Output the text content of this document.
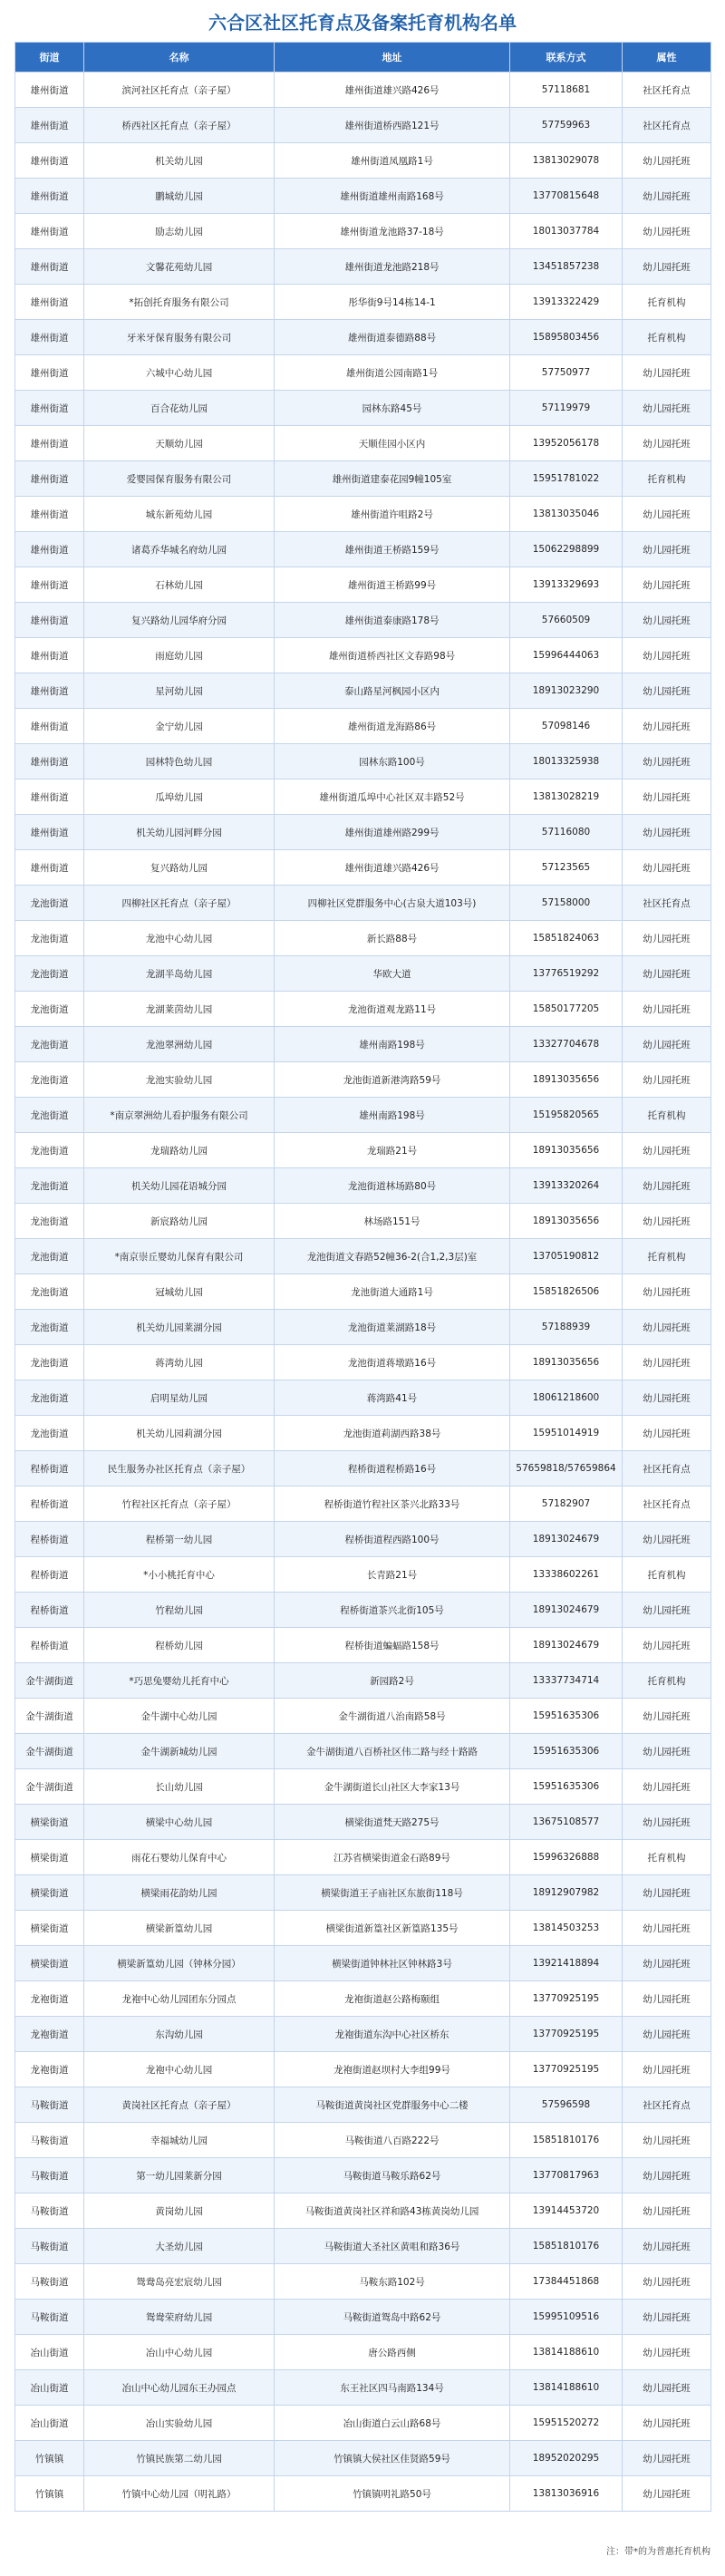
六合区社区托育点及备案托育机构名单
街道	名称	地址	联系方式	属性
雄州街道	滨河社区托育点（亲子屋）	雄州街道雄兴路426号	57118681	社区托育点
雄州街道	桥西社区托育点（亲子屋）	雄州街道桥西路121号	57759963	社区托育点
雄州街道	机关幼儿园	雄州街道凤凰路1号	13813029078	幼儿园托班
雄州街道	鹏城幼儿园	雄州街道雄州南路168号	13770815648	幼儿园托班
雄州街道	励志幼儿园	雄州街道龙池路37-18号	18013037784	幼儿园托班
雄州街道	文馨花苑幼儿园	雄州街道龙池路218号	13451857238	幼儿园托班
雄州街道	*拓创托育服务有限公司	彤华街9号14栋14-1	13913322429	托育机构
雄州街道	牙米牙保育服务有限公司	雄州街道泰德路88号	15895803456	托育机构
雄州街道	六城中心幼儿园	雄州街道公园南路1号	57750977	幼儿园托班
雄州街道	百合花幼儿园	园林东路45号	57119979	幼儿园托班
雄州街道	天顺幼儿园	天顺佳园小区内	13952056178	幼儿园托班
雄州街道	爱婴园保育服务有限公司	雄州街道建泰花园9幢105室	15951781022	托育机构
雄州街道	城东新苑幼儿园	雄州街道许咀路2号	13813035046	幼儿园托班
雄州街道	诸葛乔华城名府幼儿园	雄州街道王桥路159号	15062298899	幼儿园托班
雄州街道	石林幼儿园	雄州街道王桥路99号	13913329693	幼儿园托班
雄州街道	复兴路幼儿园华府分园	雄州街道泰康路178号	57660509	幼儿园托班
雄州街道	雨庭幼儿园	雄州街道桥西社区文春路98号	15996444063	幼儿园托班
雄州街道	星河幼儿园	泰山路星河枫园小区内	18913023290	幼儿园托班
雄州街道	金宁幼儿园	雄州街道龙海路86号	57098146	幼儿园托班
雄州街道	园林特色幼儿园	园林东路100号	18013325938	幼儿园托班
雄州街道	瓜埠幼儿园	雄州街道瓜埠中心社区双丰路52号	13813028219	幼儿园托班
雄州街道	机关幼儿园河畔分园	雄州街道雄州路299号	57116080	幼儿园托班
雄州街道	复兴路幼儿园	雄州街道雄兴路426号	57123565	幼儿园托班
龙池街道	四柳社区托育点（亲子屋）	四柳社区党群服务中心(古泉大道103号)	57158000	社区托育点
龙池街道	龙池中心幼儿园	新长路88号	15851824063	幼儿园托班
龙池街道	龙湖半岛幼儿园	华欧大道	13776519292	幼儿园托班
龙池街道	龙湖莱茵幼儿园	龙池街道观龙路11号	15850177205	幼儿园托班
龙池街道	龙池翠洲幼儿园	雄州南路198号	13327704678	幼儿园托班
龙池街道	龙池实验幼儿园	龙池街道新港湾路59号	18913035656	幼儿园托班
龙池街道	*南京翠洲幼儿看护服务有限公司	雄州南路198号	15195820565	托育机构
龙池街道	龙瑞路幼儿园	龙瑞路21号	18913035656	幼儿园托班
龙池街道	机关幼儿园花语城分园	龙池街道林场路80号	13913320264	幼儿园托班
龙池街道	新宸路幼儿园	林场路151号	18913035656	幼儿园托班
龙池街道	*南京崇丘婴幼儿保育有限公司	龙池街道文春路52幢36-2(合1,2,3层)室	13705190812	托育机构
龙池街道	冠城幼儿园	龙池街道大通路1号	15851826506	幼儿园托班
龙池街道	机关幼儿园莱湖分园	龙池街道莱湖路18号	57188939	幼儿园托班
龙池街道	蒋湾幼儿园	龙池街道蒋墩路16号	18913035656	幼儿园托班
龙池街道	启明星幼儿园	蒋湾路41号	18061218600	幼儿园托班
龙池街道	机关幼儿园莉湖分园	龙池街道莉湖西路38号	15951014919	幼儿园托班
程桥街道	民生服务办社区托育点（亲子屋）	程桥街道程桥路16号	57659818/57659864	社区托育点
程桥街道	竹程社区托育点（亲子屋）	程桥街道竹程社区茶兴北路33号	57182907	社区托育点
程桥街道	程桥第一幼儿园	程桥街道程西路100号	18913024679	幼儿园托班
程桥街道	*小小桃托育中心	长青路21号	13338602261	托育机构
程桥街道	竹程幼儿园	程桥街道茶兴北街105号	18913024679	幼儿园托班
程桥街道	程桥幼儿园	程桥街道蝙蝠路158号	18913024679	幼儿园托班
金牛湖街道	*巧思兔婴幼儿托育中心	新园路2号	13337734714	托育机构
金牛湖街道	金牛湖中心幼儿园	金牛湖街道八治南路58号	15951635306	幼儿园托班
金牛湖街道	金牛湖新城幼儿园	金牛湖街道八百桥社区伟二路与经十路路	15951635306	幼儿园托班
金牛湖街道	长山幼儿园	金牛湖街道长山社区大李家13号	15951635306	幼儿园托班
横梁街道	横梁中心幼儿园	横梁街道梵天路275号	13675108577	幼儿园托班
横梁街道	雨花石婴幼儿保育中心	江苏省横梁街道金石路89号	15996326888	托育机构
横梁街道	横梁雨花韵幼儿园	横梁街道王子庙社区东旅街118号	18912907982	幼儿园托班
横梁街道	横梁新篁幼儿园	横梁街道新篁社区新篁路135号	13814503253	幼儿园托班
横梁街道	横梁新篁幼儿园（钟林分园）	横梁街道钟林社区钟林路3号	13921418894	幼儿园托班
龙袍街道	龙袍中心幼儿园团东分园点	龙袍街道赵公路梅颐组	13770925195	幼儿园托班
龙袍街道	东沟幼儿园	龙袍街道东沟中心社区桥东	13770925195	幼儿园托班
龙袍街道	龙袍中心幼儿园	龙袍街道赵坝村大李组99号	13770925195	幼儿园托班
马鞍街道	黄岗社区托育点（亲子屋）	马鞍街道黄岗社区党群服务中心二楼	57596598	社区托育点
马鞍街道	幸福城幼儿园	马鞍街道八百路222号	15851810176	幼儿园托班
马鞍街道	第一幼儿园莱新分园	马鞍街道马鞍乐路62号	13770817963	幼儿园托班
马鞍街道	黄岗幼儿园	马鞍街道黄岗社区祥和路43栋黄岗幼儿园	13914453720	幼儿园托班
马鞍街道	大圣幼儿园	马鞍街道大圣社区黄咀和路36号	15851810176	幼儿园托班
马鞍街道	鸳鸯岛亮宏宸幼儿园	马鞍东路102号	17384451868	幼儿园托班
马鞍街道	鸳鸯荣府幼儿园	马鞍街道鸳岛中路62号	15995109516	幼儿园托班
冶山街道	冶山中心幼儿园	唐公路西侧	13814188610	幼儿园托班
冶山街道	冶山中心幼儿园东王办园点	东王社区四马南路134号	13814188610	幼儿园托班
冶山街道	冶山实验幼儿园	冶山街道白云山路68号	15951520272	幼儿园托班
竹镇镇	竹镇民族第二幼儿园	竹镇镇大侯社区佳贤路59号	18952020295	幼儿园托班
竹镇镇	竹镇中心幼儿园（明礼路）	竹镇镇明礼路50号	13813036916	幼儿园托班
注：带*的为普惠托育机构
